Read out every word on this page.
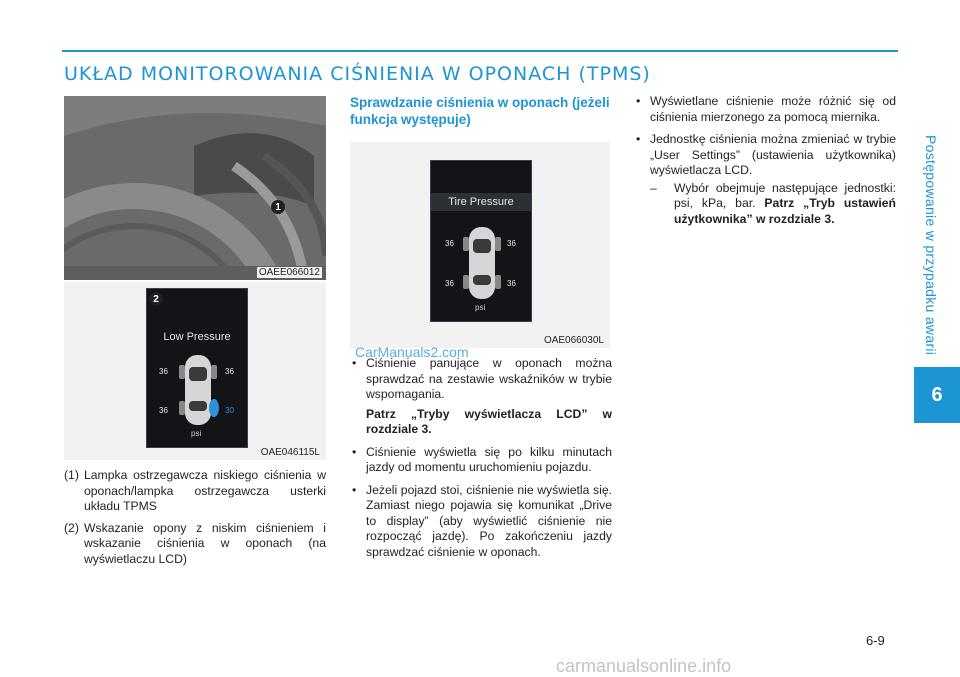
UKŁAD MONITOROWANIA CIŚNIENIA W OPONACH (TPMS)
Postępowanie w przypadku awarii
6
1
OAEE066012
Low Pressure
36	36
36	30
psi
2
OAE046115L
(1) Lampka ostrzegawcza niskiego ciśnienia w oponach/lampka ostrzegawcza usterki układu TPMS
(2) Wskazanie opony z niskim ciśnieniem i wskazanie ciśnienia w oponach (na wyświetlaczu LCD)
Sprawdzanie ciśnienia w oponach (jeżeli funkcja występuje)
Tire Pressure
36	36
36	36
psi
OAE066030L
• Ciśnienie panujące w oponach można sprawdzać na zestawie wskaźników w trybie wspomagania.
Patrz „Tryby wyświetlacza LCD” w rozdziale 3.
• Ciśnienie wyświetla się po kilku minutach jazdy od momentu uruchomieniu pojazdu.
• Jeżeli pojazd stoi, ciśnienie nie wyświetla się. Zamiast niego pojawia się komunikat „Drive to display” (aby wyświetlić ciśnienie nie rozpocząć jazdę). Po zakończeniu jazdy sprawdzać ciśnienie w oponach.
• Wyświetlane ciśnienie może różnić się od ciśnienia mierzonego za pomocą miernika.
• Jednostkę ciśnienia można zmieniać w trybie „User Settings” (ustawienia użytkownika) wyświetlacza LCD.
– Wybór obejmuje następujące jednostki: psi, kPa, bar. Patrz „Tryb ustawień użytkownika” w rozdziale 3.
6-9
CarManuals2.com
carmanualsonline.info
